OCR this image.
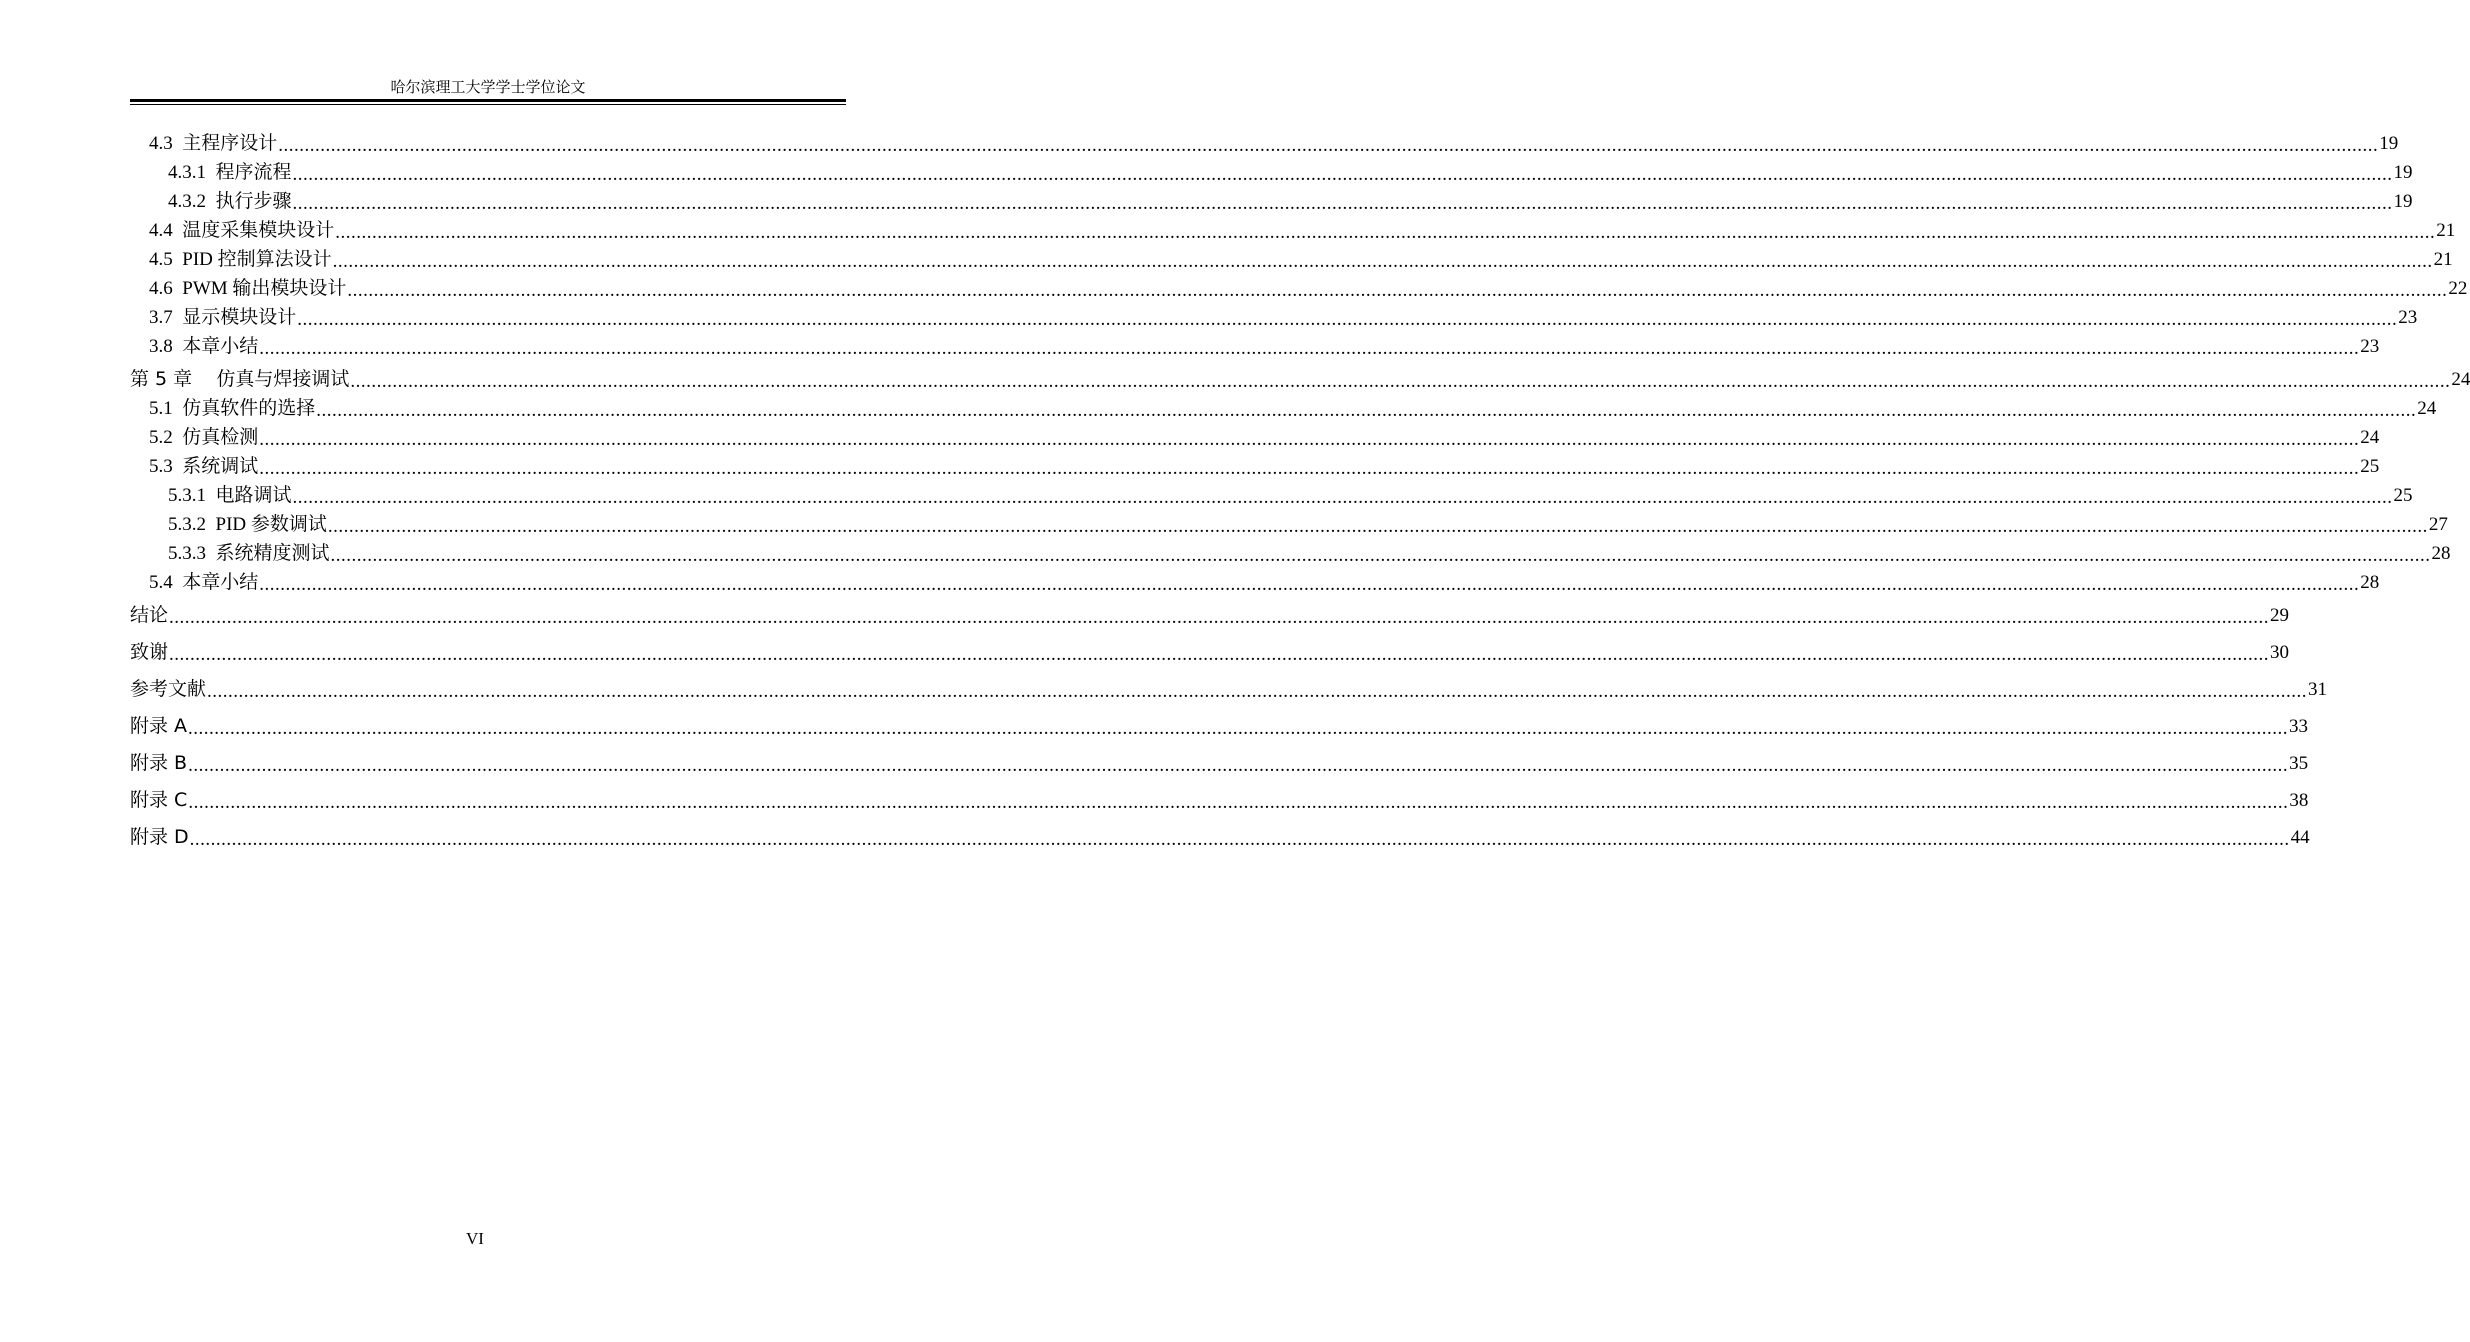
哈尔滨理工大学学士学位论文
4.3  主程序设计 ................................................................................................................................................................................................................................................................................................................................................................................................................ 19
4.3.1  程序流程 ................................................................................................................................................................................................................................................................................................................................................................................................................ 19
4.3.2  执行步骤 ................................................................................................................................................................................................................................................................................................................................................................................................................ 19
4.4  温度采集模块设计 ................................................................................................................................................................................................................................................................................................................................................................................................................ 21
4.5  PID 控制算法设计 ................................................................................................................................................................................................................................................................................................................................................................................................................ 21
4.6  PWM 输出模块设计 ................................................................................................................................................................................................................................................................................................................................................................................................................ 22
3.7  显示模块设计 ................................................................................................................................................................................................................................................................................................................................................................................................................ 23
3.8  本章小结 ................................................................................................................................................................................................................................................................................................................................................................................................................ 23
第 5 章    仿真与焊接调试 ................................................................................................................................................................................................................................................................................................................................................................................................................ 24
5.1  仿真软件的选择 ................................................................................................................................................................................................................................................................................................................................................................................................................ 24
5.2  仿真检测 ................................................................................................................................................................................................................................................................................................................................................................................................................ 24
5.3  系统调试 ................................................................................................................................................................................................................................................................................................................................................................................................................ 25
5.3.1  电路调试 ................................................................................................................................................................................................................................................................................................................................................................................................................ 25
5.3.2  PID 参数调试 ................................................................................................................................................................................................................................................................................................................................................................................................................ 27
5.3.3  系统精度测试 ................................................................................................................................................................................................................................................................................................................................................................................................................ 28
5.4  本章小结 ................................................................................................................................................................................................................................................................................................................................................................................................................ 28
结论 ................................................................................................................................................................................................................................................................................................................................................................................................................ 29
致谢 ................................................................................................................................................................................................................................................................................................................................................................................................................ 30
参考文献 ................................................................................................................................................................................................................................................................................................................................................................................................................ 31
附录 A ................................................................................................................................................................................................................................................................................................................................................................................................................ 33
附录 B ................................................................................................................................................................................................................................................................................................................................................................................................................ 35
附录 C ................................................................................................................................................................................................................................................................................................................................................................................................................ 38
附录 D ................................................................................................................................................................................................................................................................................................................................................................................................................ 44
VI
